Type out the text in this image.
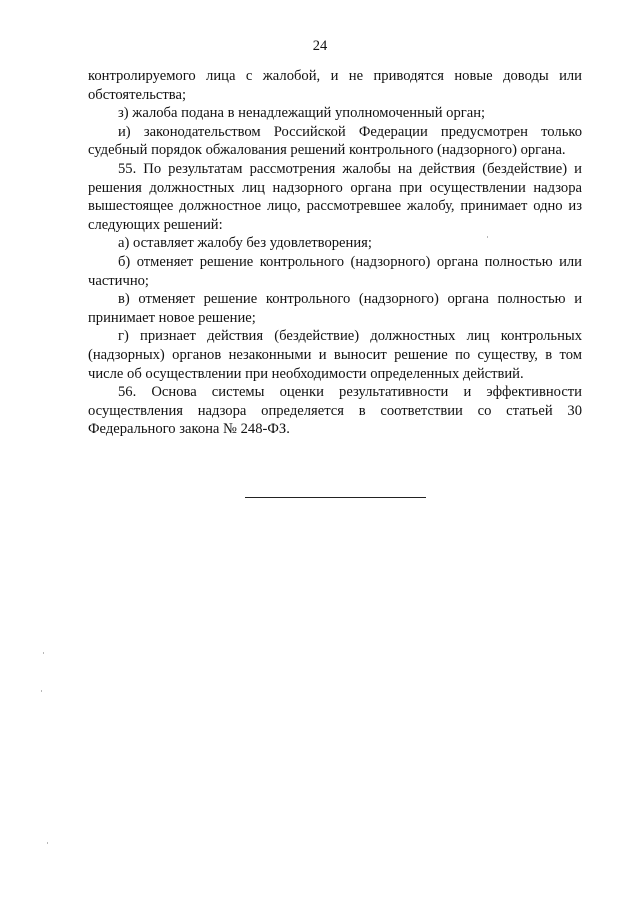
24

контролируемого лица с жалобой, и не приводятся новые доводы или обстоятельства;

з) жалоба подана в ненадлежащий уполномоченный орган;

и) законодательством Российской Федерации предусмотрен только судебный порядок обжалования решений контрольного (надзорного) органа.

55. По результатам рассмотрения жалобы на действия (бездействие) и решения должностных лиц надзорного органа при осуществлении надзора вышестоящее должностное лицо, рассмотревшее жалобу, принимает одно из следующих решений:

а) оставляет жалобу без удовлетворения;

б) отменяет решение контрольного (надзорного) органа полностью или частично;

в) отменяет решение контрольного (надзорного) органа полностью и принимает новое решение;

г) признает действия (бездействие) должностных лиц контрольных (надзорных) органов незаконными и выносит решение по существу, в том числе об осуществлении при необходимости определенных действий.

56. Основа системы оценки результативности и эффективности осуществления надзора определяется в соответствии со статьей 30 Федерального закона № 248-ФЗ.
